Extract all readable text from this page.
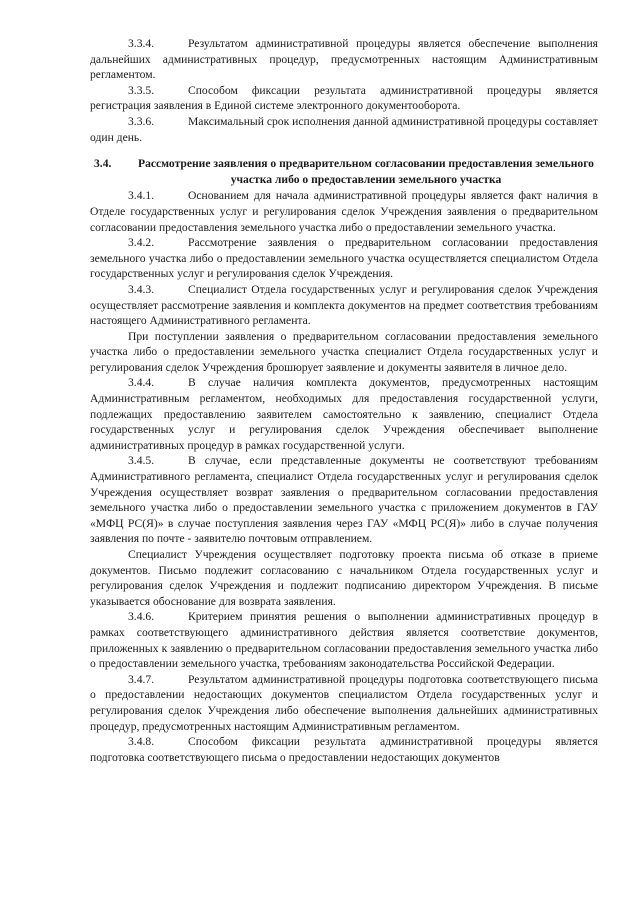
3.3.4.	Результатом административной процедуры является обеспечение выполнения дальнейших административных процедур, предусмотренных настоящим Административным регламентом.

3.3.5.	Способом фиксации результата административной процедуры является регистрация заявления в Единой системе электронного документооборота.

3.3.6.	Максимальный срок исполнения данной административной процедуры составляет один день.

3.4.	Рассмотрение заявления о предварительном согласовании предоставления земельного участка либо о предоставлении земельного участка

3.4.1.	Основанием для начала административной процедуры является факт наличия в Отделе государственных услуг и регулирования сделок Учреждения заявления о предварительном согласовании предоставления земельного участка либо о предоставлении земельного участка.

3.4.2.	Рассмотрение заявления о предварительном согласовании предоставления земельного участка либо о предоставлении земельного участка осуществляется специалистом Отдела государственных услуг и регулирования сделок Учреждения.

3.4.3.	Специалист Отдела государственных услуг и регулирования сделок Учреждения осуществляет рассмотрение заявления и комплекта документов на предмет соответствия требованиям настоящего Административного регламента.

При поступлении заявления о предварительном согласовании предоставления земельного участка либо о предоставлении земельного участка специалист Отдела государственных услуг и регулирования сделок Учреждения брошюрует заявление и документы заявителя в личное дело.

3.4.4.	В случае наличия комплекта документов, предусмотренных настоящим Административным регламентом, необходимых для предоставления государственной услуги, подлежащих предоставлению заявителем самостоятельно к заявлению, специалист Отдела государственных услуг и регулирования сделок Учреждения обеспечивает выполнение административных процедур в рамках государственной услуги.

3.4.5.	В случае, если представленные документы не соответствуют требованиям Административного регламента, специалист Отдела государственных услуг и регулирования сделок Учреждения осуществляет возврат заявления о предварительном согласовании предоставления земельного участка либо о предоставлении земельного участка с приложением документов в ГАУ «МФЦ РС(Я)» в случае поступления заявления через ГАУ «МФЦ РС(Я)» либо в случае получения заявления по почте - заявителю почтовым отправлением.

Специалист Учреждения осуществляет подготовку проекта письма об отказе в приеме документов. Письмо подлежит согласованию с начальником Отдела государственных услуг и регулирования сделок Учреждения и подлежит подписанию директором Учреждения. В письме указывается обоснование для возврата заявления.

3.4.6.	Критерием принятия решения о выполнении административных процедур в рамках соответствующего административного действия является соответствие документов, приложенных к заявлению о предварительном согласовании предоставления земельного участка либо о предоставлении земельного участка, требованиям законодательства Российской Федерации.

3.4.7.	Результатом административной процедуры подготовка соответствующего письма о предоставлении недостающих документов специалистом Отдела государственных услуг и регулирования сделок Учреждения либо обеспечение выполнения дальнейших административных процедур, предусмотренных настоящим Административным регламентом.

3.4.8.	Способом фиксации результата административной процедуры является подготовка соответствующего письма о предоставлении недостающих документов
